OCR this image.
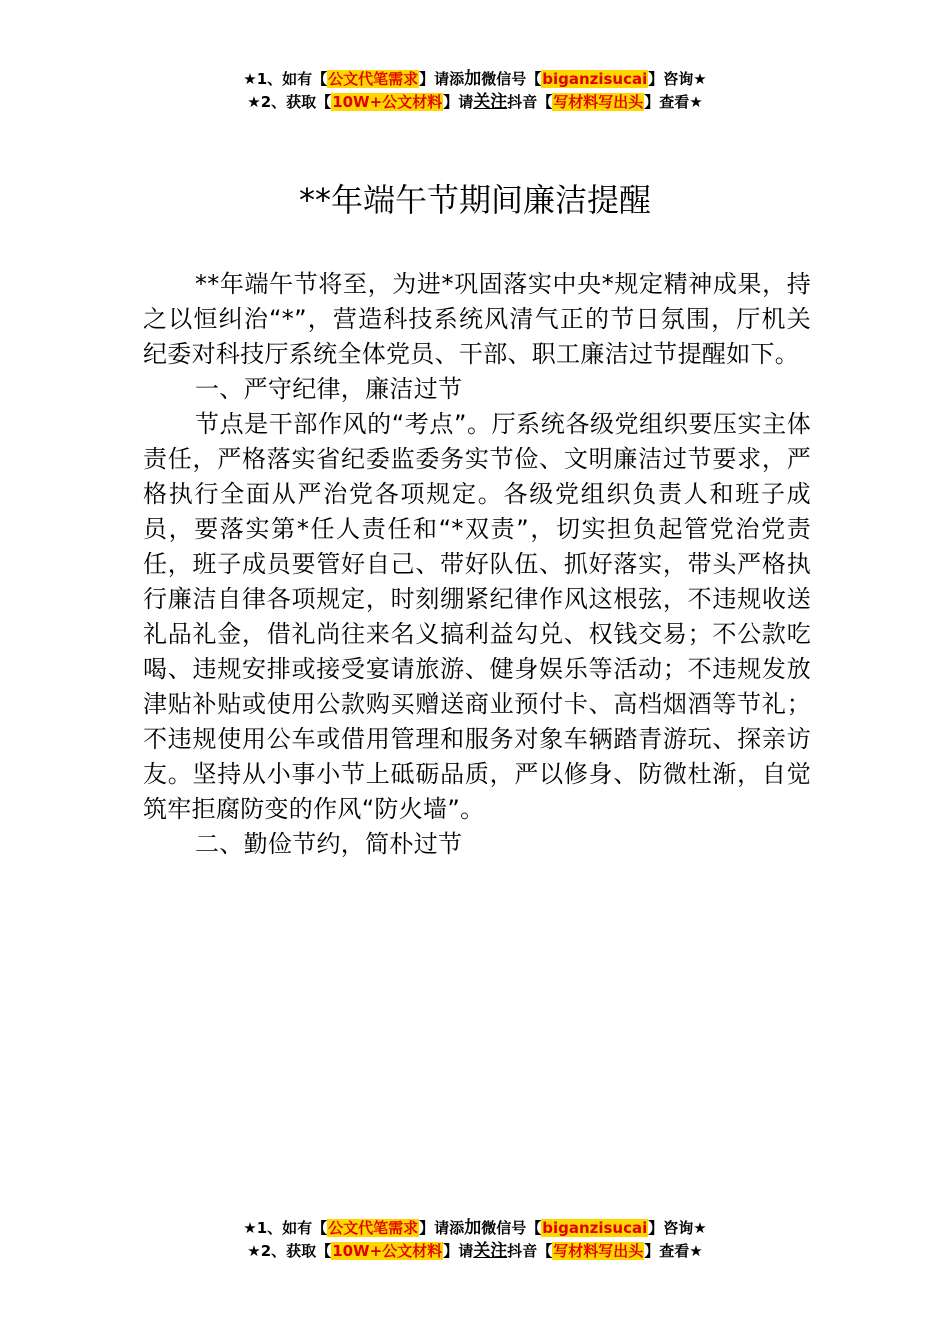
★1、如有【公文代笔需求】请添加微信号【biganzisucai】咨询★
★2、获取【10W+公文材料】请关注抖音【写材料写出头】查看★
**年端午节期间廉洁提醒

**年端午节将至，为进*巩固落实中央*规定精神成果，持之以恒纠治“*”，营造科技系统风清气正的节日氛围，厅机关纪委对科技厅系统全体党员、干部、职工廉洁过节提醒如下。

一、严守纪律，廉洁过节

节点是干部作风的“考点”。厅系统各级党组织要压实主体责任，严格落实省纪委监委务实节俭、文明廉洁过节要求，严格执行全面从严治党各项规定。各级党组织负责人和班子成员，要落实第*任人责任和“*双责”，切实担负起管党治党责任，班子成员要管好自己、带好队伍、抓好落实，带头严格执行廉洁自律各项规定，时刻绷紧纪律作风这根弦，不违规收送礼品礼金，借礼尚往来名义搞利益勾兑、权钱交易；不公款吃喝、违规安排或接受宴请旅游、健身娱乐等活动；不违规发放津贴补贴或使用公款购买赠送商业预付卡、高档烟酒等节礼；不违规使用公车或借用管理和服务对象车辆踏青游玩、探亲访友。坚持从小事小节上砥砺品质，严以修身、防微杜渐，自觉筑牢拒腐防变的作风“防火墙”。

二、勤俭节约，简朴过节

★1、如有【公文代笔需求】请添加微信号【biganzisucai】咨询★
★2、获取【10W+公文材料】请关注抖音【写材料写出头】查看★
